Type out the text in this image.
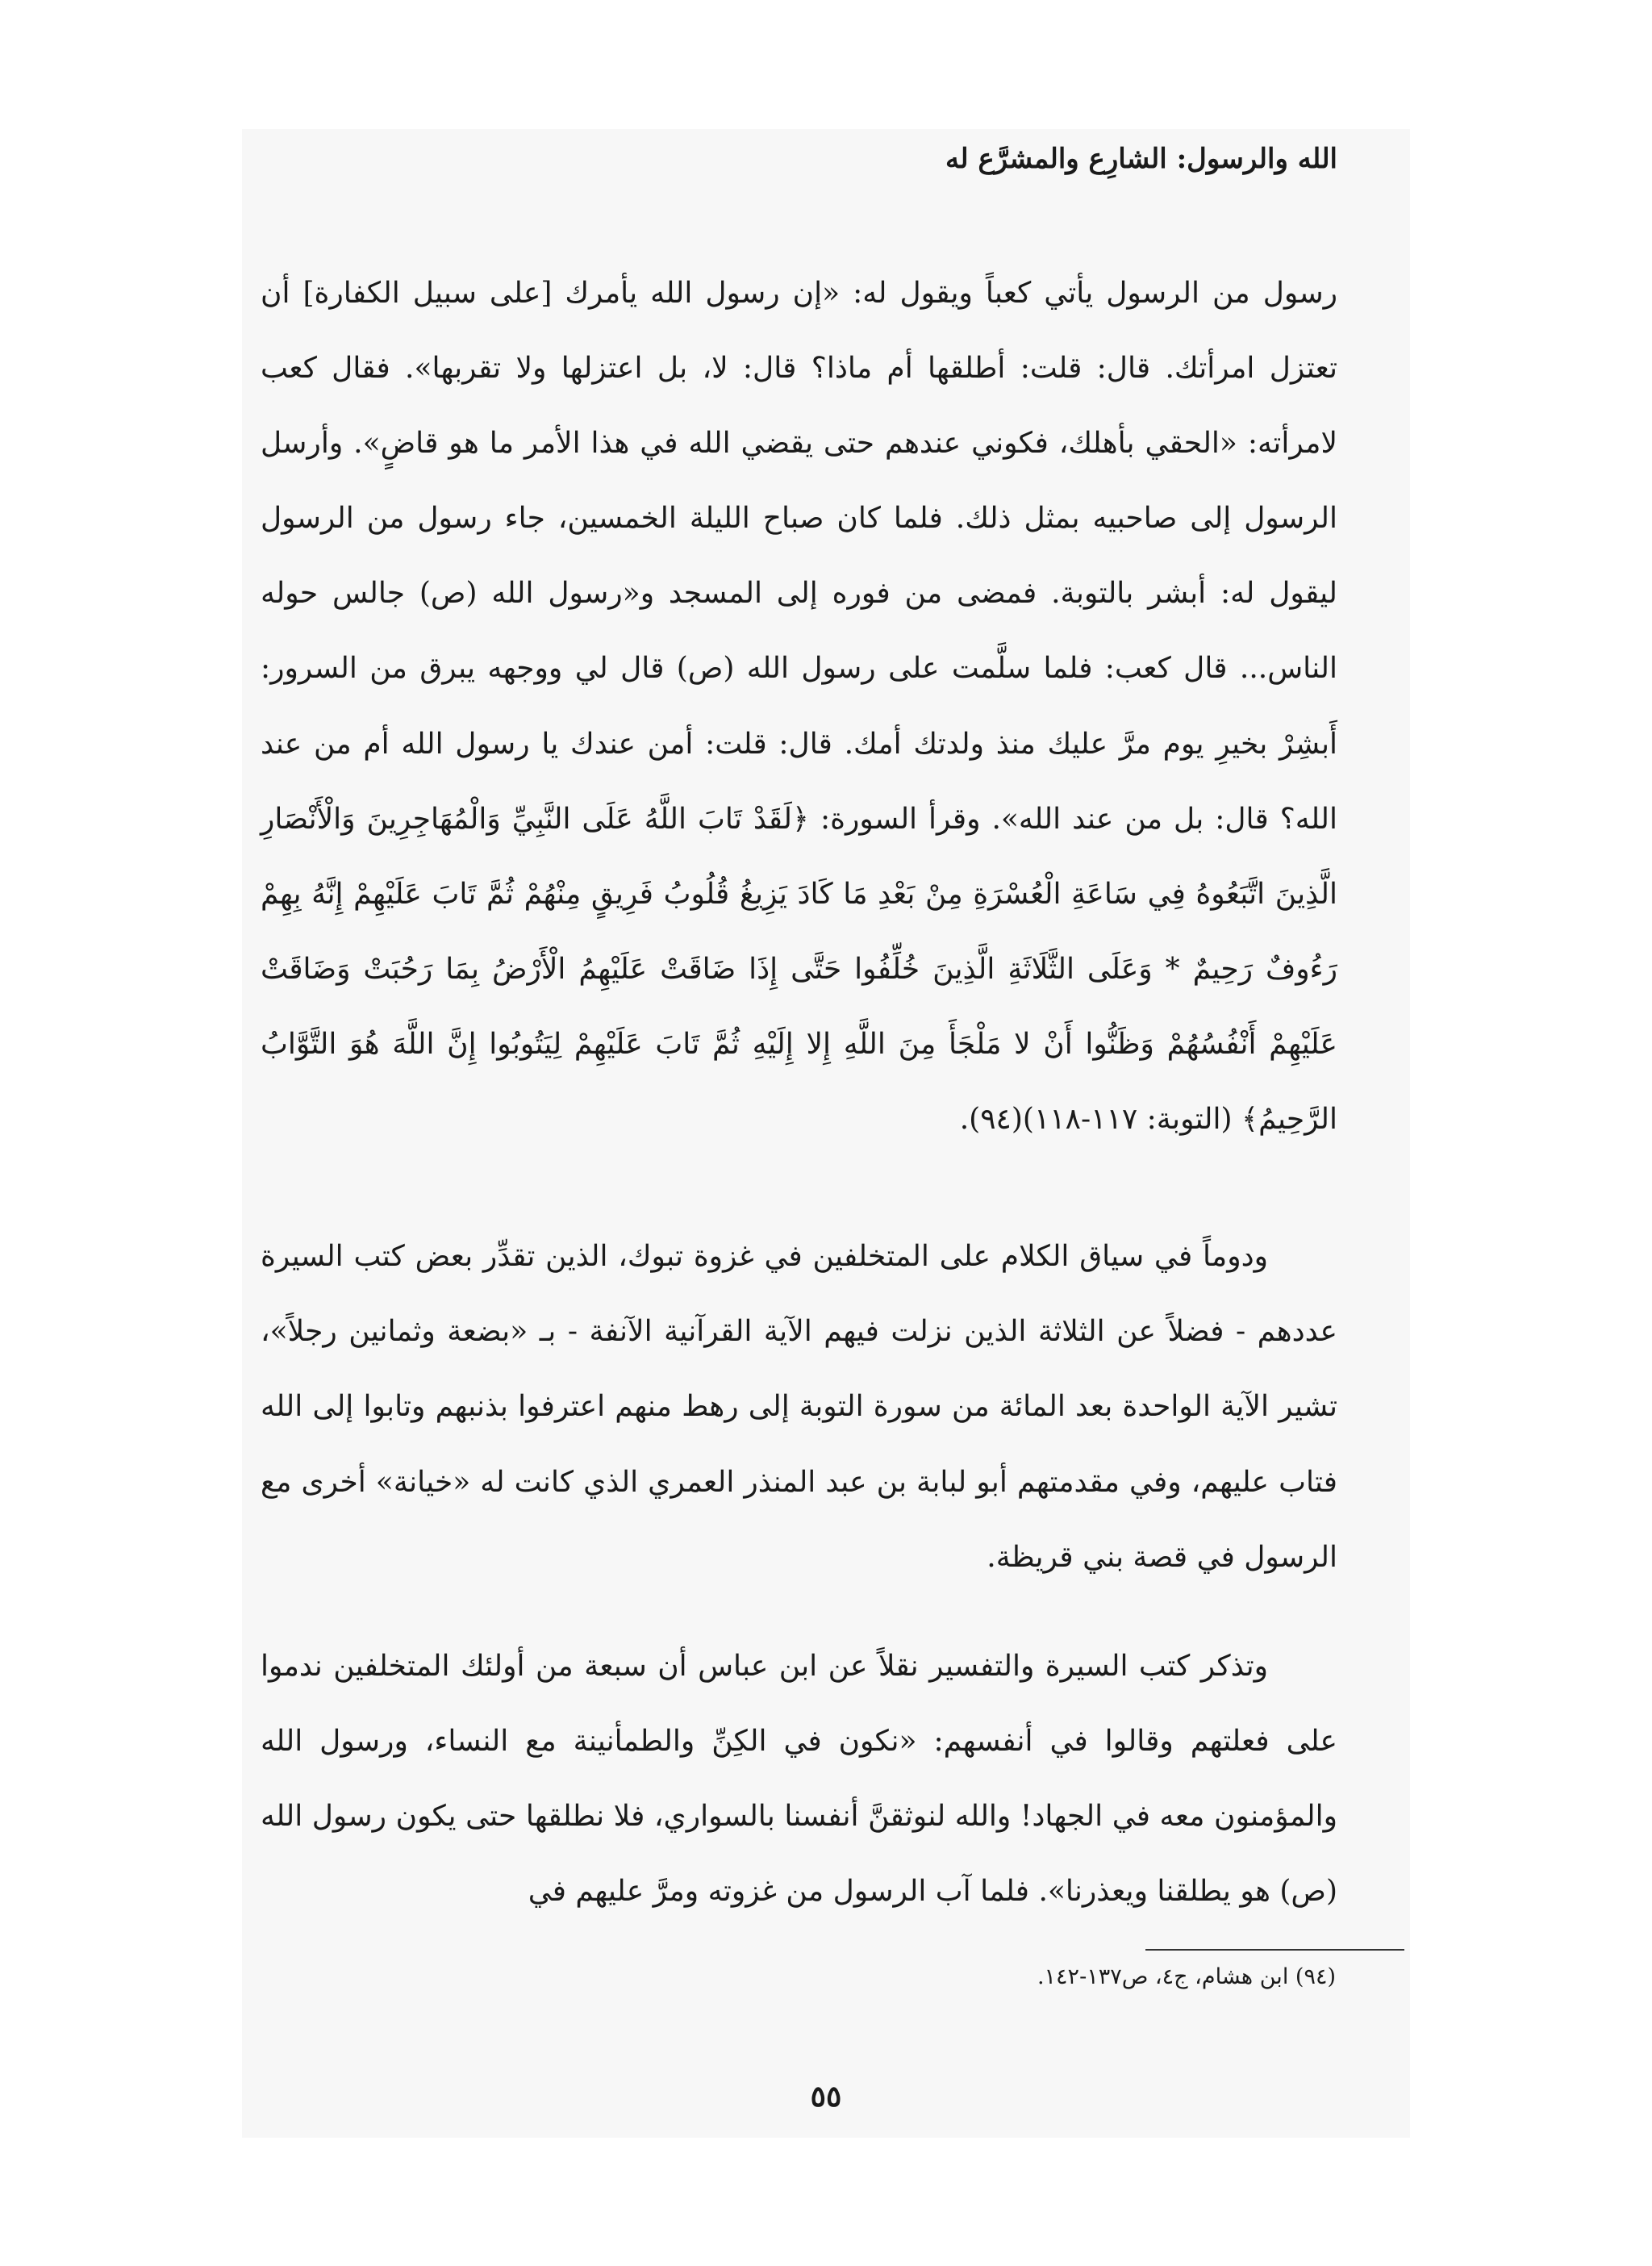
الله والرسول: الشارِع والمشرَّع له

رسول من الرسول يأتي كعباً ويقول له: «إن رسول الله يأمرك [على سبيل الكفارة] أن تعتزل امرأتك. قال: قلت: أطلقها أم ماذا؟ قال: لا، بل اعتزلها ولا تقربها». فقال كعب لامرأته: «الحقي بأهلك، فكوني عندهم حتى يقضي الله في هذا الأمر ما هو قاضٍ». وأرسل الرسول إلى صاحبيه بمثل ذلك. فلما كان صباح الليلة الخمسين، جاء رسول من الرسول ليقول له: أبشر بالتوبة. فمضى من فوره إلى المسجد و«رسول الله (ص) جالس حوله الناس... قال كعب: فلما سلَّمت على رسول الله (ص) قال لي ووجهه يبرق من السرور: أَبشِرْ بخيرِ يوم مرَّ عليك منذ ولدتك أمك. قال: قلت: أمن عندك يا رسول الله أم من عند الله؟ قال: بل من عند الله». وقرأ السورة: ﴿لَقَدْ تَابَ اللَّهُ عَلَى النَّبِيِّ وَالْمُهَاجِرِينَ وَالْأَنْصَارِ الَّذِينَ اتَّبَعُوهُ فِي سَاعَةِ الْعُسْرَةِ مِنْ بَعْدِ مَا كَادَ يَزِيغُ قُلُوبُ فَرِيقٍ مِنْهُمْ ثُمَّ تَابَ عَلَيْهِمْ إِنَّهُ بِهِمْ رَءُوفٌ رَحِيمٌ * وَعَلَى الثَّلَاثَةِ الَّذِينَ خُلِّفُوا حَتَّى إِذَا ضَاقَتْ عَلَيْهِمُ الْأَرْضُ بِمَا رَحُبَتْ وَضَاقَتْ عَلَيْهِمْ أَنْفُسُهُمْ وَظَنُّوا أَنْ لا مَلْجَأَ مِنَ اللَّهِ إِلا إِلَيْهِ ثُمَّ تَابَ عَلَيْهِمْ لِيَتُوبُوا إِنَّ اللَّهَ هُوَ التَّوَّابُ الرَّحِيمُ﴾ (التوبة: ١١٧-١١٨)(٩٤).

ودوماً في سياق الكلام على المتخلفين في غزوة تبوك، الذين تقدِّر بعض كتب السيرة عددهم - فضلاً عن الثلاثة الذين نزلت فيهم الآية القرآنية الآنفة - بـ «بضعة وثمانين رجلاً»، تشير الآية الواحدة بعد المائة من سورة التوبة إلى رهط منهم اعترفوا بذنبهم وتابوا إلى الله فتاب عليهم، وفي مقدمتهم أبو لبابة بن عبد المنذر العمري الذي كانت له «خيانة» أخرى مع الرسول في قصة بني قريظة.

وتذكر كتب السيرة والتفسير نقلاً عن ابن عباس أن سبعة من أولئك المتخلفين ندموا على فعلتهم وقالوا في أنفسهم: «نكون في الكِنِّ والطمأنينة مع النساء، ورسول الله والمؤمنون معه في الجهاد! والله لنوثقنَّ أنفسنا بالسواري، فلا نطلقها حتى يكون رسول الله (ص) هو يطلقنا ويعذرنا». فلما آب الرسول من غزوته ومرَّ عليهم في

(٩٤) ابن هشام، ج٤، ص١٣٧-١٤٢.
٥٥
